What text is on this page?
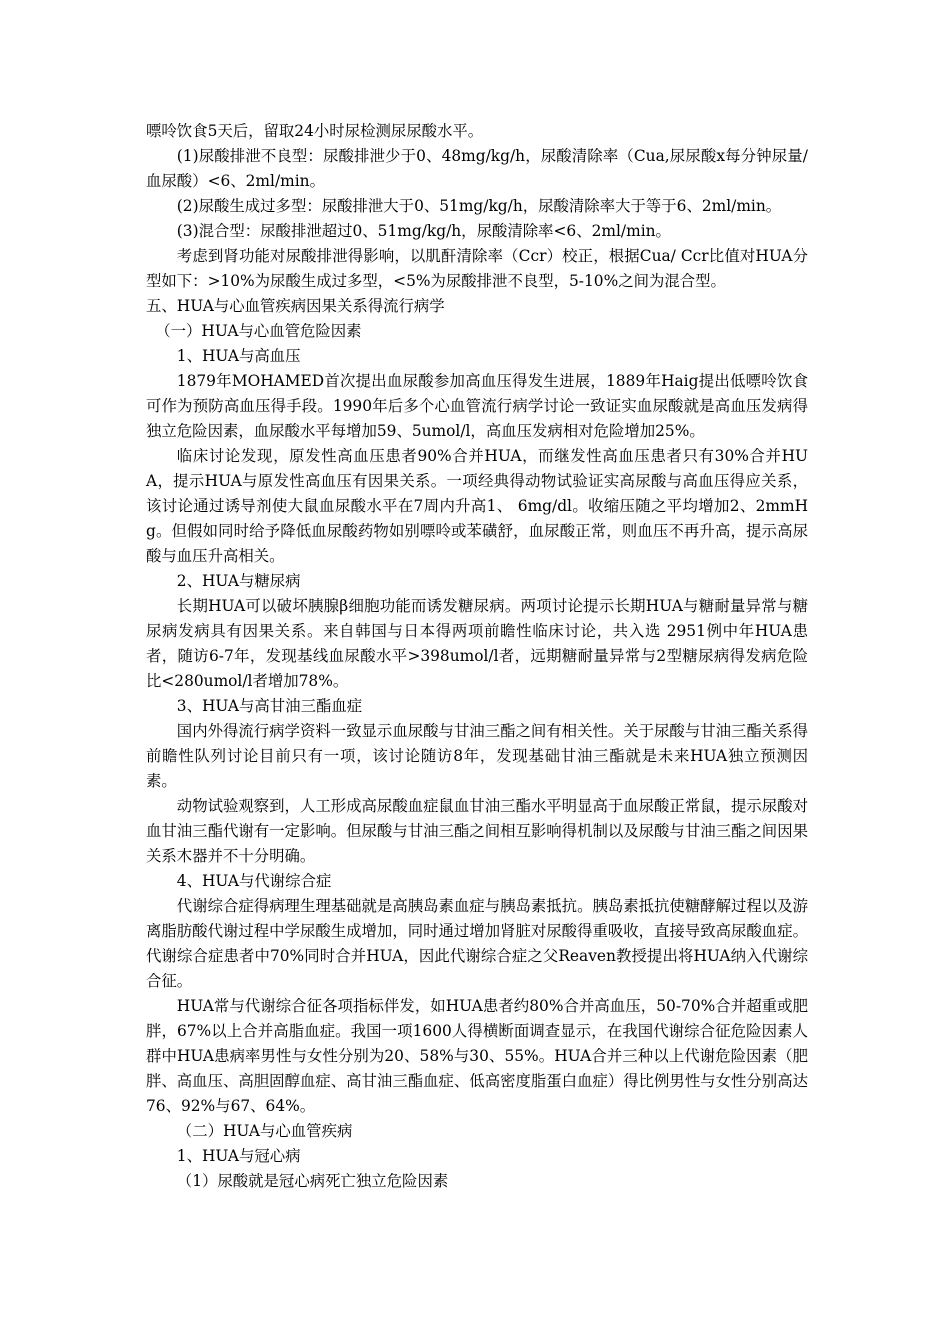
嘌呤饮食5天后，留取24小时尿检测尿尿酸水平。

(1)尿酸排泄不良型：尿酸排泄少于0、48mg/kg/h，尿酸清除率（Cua,尿尿酸x每分钟尿量/血尿酸）<6、2ml/min。

(2)尿酸生成过多型：尿酸排泄大于0、51mg/kg/h，尿酸清除率大于等于6、2ml/min。

(3)混合型：尿酸排泄超过0、51mg/kg/h，尿酸清除率<6、2ml/min。

考虑到肾功能对尿酸排泄得影响，以肌酐清除率（Ccr）校正，根据Cua/ Ccr比值对HUA分型如下：>10%为尿酸生成过多型，<5%为尿酸排泄不良型，5-10%之间为混合型。

五、HUA与心血管疾病因果关系得流行病学

（一）HUA与心血管危险因素

1、HUA与高血压

1879年MOHAMED首次提出血尿酸参加高血压得发生进展，1889年Haig提出低嘌呤饮食可作为预防高血压得手段。1990年后多个心血管流行病学讨论一致证实血尿酸就是高血压发病得独立危险因素，血尿酸水平每增加59、5umol/l，高血压发病相对危险增加25%。

临床讨论发现，原发性高血压患者90%合并HUA，而继发性高血压患者只有30%合并HUA，提示HUA与原发性高血压有因果关系。一项经典得动物试验证实高尿酸与高血压得应关系，该讨论通过诱导剂使大鼠血尿酸水平在7周内升高1、 6mg/dl。收缩压随之平均增加2、2mmHg。但假如同时给予降低血尿酸药物如别嘌呤或苯磺舒，血尿酸正常，则血压不再升高，提示高尿酸与血压升高相关。

2、HUA与糖尿病

长期HUA可以破坏胰腺β细胞功能而诱发糖尿病。两项讨论提示长期HUA与糖耐量异常与糖尿病发病具有因果关系。来自韩国与日本得两项前瞻性临床讨论，共入选 2951例中年HUA患者，随访6-7年，发现基线血尿酸水平>398umol/l者，远期糖耐量异常与2型糖尿病得发病危险比<280umol/l者增加78%。

3、HUA与高甘油三酯血症

国内外得流行病学资料一致显示血尿酸与甘油三酯之间有相关性。关于尿酸与甘油三酯关系得前瞻性队列讨论目前只有一项，该讨论随访8年，发现基础甘油三酯就是未来HUA独立预测因素。

动物试验观察到，人工形成高尿酸血症鼠血甘油三酯水平明显高于血尿酸正常鼠，提示尿酸对血甘油三酯代谢有一定影响。但尿酸与甘油三酯之间相互影响得机制以及尿酸与甘油三酯之间因果关系木器并不十分明确。

4、HUA与代谢综合症

代谢综合症得病理生理基础就是高胰岛素血症与胰岛素抵抗。胰岛素抵抗使糖酵解过程以及游离脂肪酸代谢过程中学尿酸生成增加，同时通过增加肾脏对尿酸得重吸收，直接导致高尿酸血症。代谢综合症患者中70%同时合并HUA，因此代谢综合症之父Reaven教授提出将HUA纳入代谢综合征。

HUA常与代谢综合征各项指标伴发，如HUA患者约80%合并高血压，50-70%合并超重或肥胖，67%以上合并高脂血症。我国一项1600人得横断面调查显示，在我国代谢综合征危险因素人群中HUA患病率男性与女性分别为20、58%与30、55%。HUA合并三种以上代谢危险因素（肥胖、高血压、高胆固醇血症、高甘油三酯血症、低高密度脂蛋白血症）得比例男性与女性分别高达76、92%与67、64%。

（二）HUA与心血管疾病

1、HUA与冠心病

（1）尿酸就是冠心病死亡独立危险因素
